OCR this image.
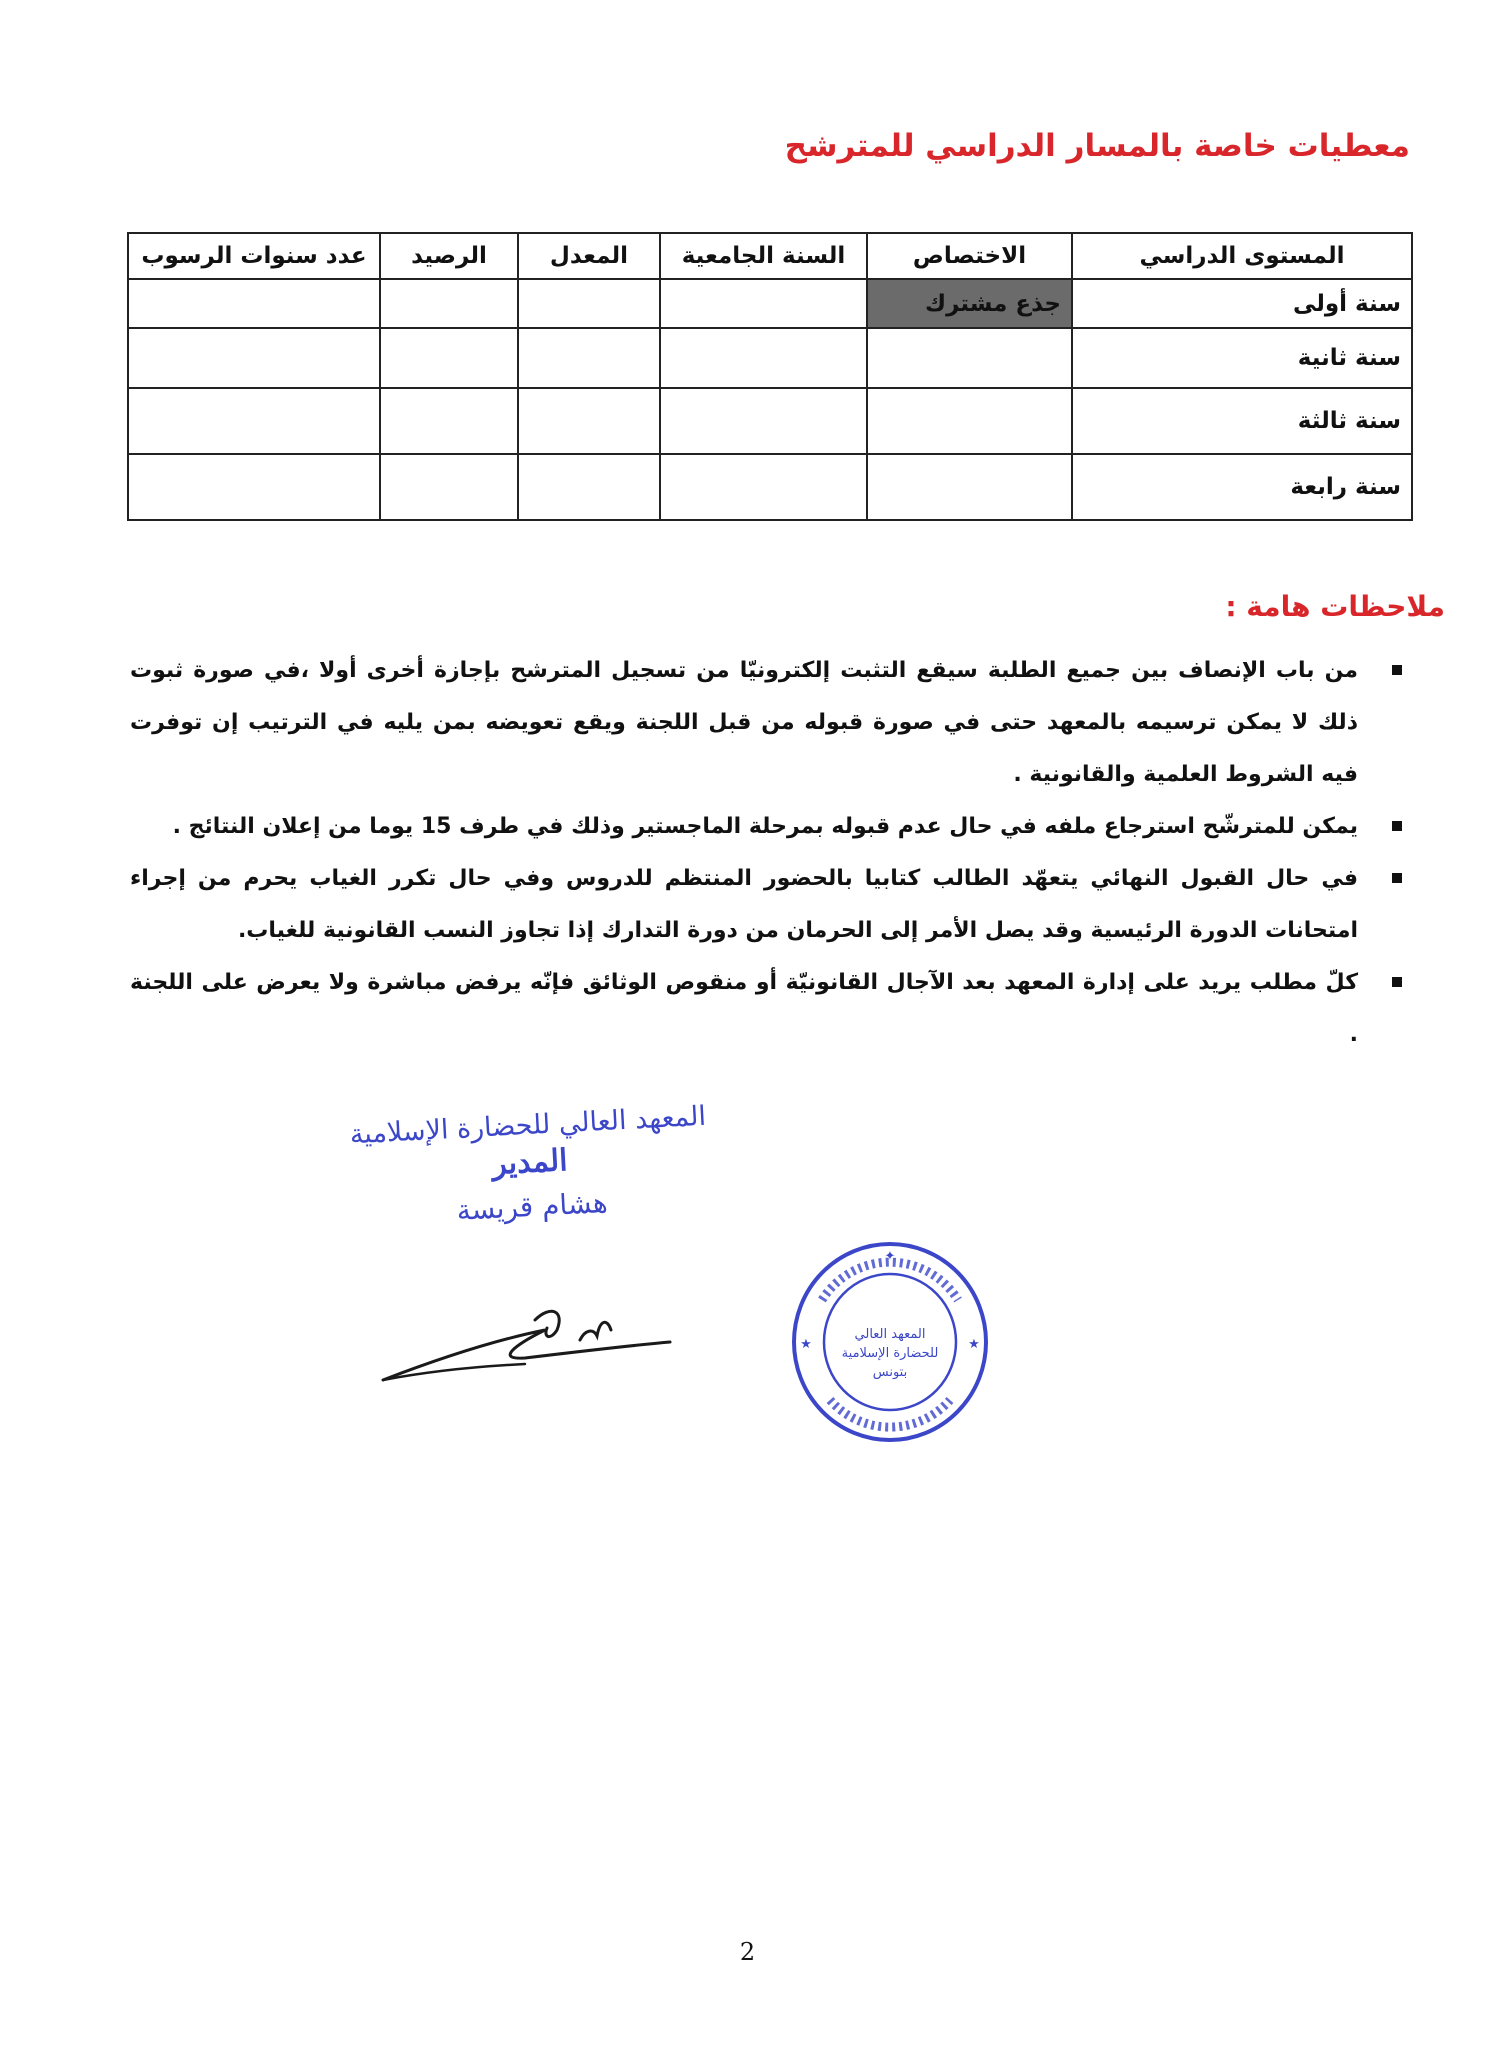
معطيات خاصة بالمسار الدراسي للمترشح
المستوى الدراسي	الاختصاص	السنة الجامعية	المعدل	الرصيد	عدد سنوات الرسوب
سنة أولى	جذع مشترك				
سنة ثانية					
سنة ثالثة					
سنة رابعة					
ملاحظات هامة :
من باب الإنصاف بين جميع الطلبة سيقع التثبت إلكترونيّا من تسجيل المترشح بإجازة أخرى أولا ،في صورة ثبوت ذلك لا يمكن ترسيمه بالمعهد حتى في صورة قبوله من قبل اللجنة ويقع تعويضه بمن يليه في الترتيب إن توفرت فيه الشروط العلمية والقانونية .
يمكن للمترشّح استرجاع ملفه في حال عدم قبوله بمرحلة الماجستير وذلك في طرف 15 يوما من إعلان النتائج .
في حال القبول النهائي يتعهّد الطالب كتابيا بالحضور المنتظم للدروس وفي حال تكرر الغياب يحرم من إجراء امتحانات الدورة الرئيسية وقد يصل الأمر إلى الحرمان من دورة التدارك إذا تجاوز النسب القانونية للغياب.
كلّ مطلب يريد على إدارة المعهد بعد الآجال القانونيّة أو منقوص الوثائق فإنّه يرفض مباشرة ولا يعرض على اللجنة .
المعهد العالي للحضارة الإسلامية
المدير
هشام قريسة
✦
★	★
المعهد العالي
للحضارة الإسلامية
بتونس
2
